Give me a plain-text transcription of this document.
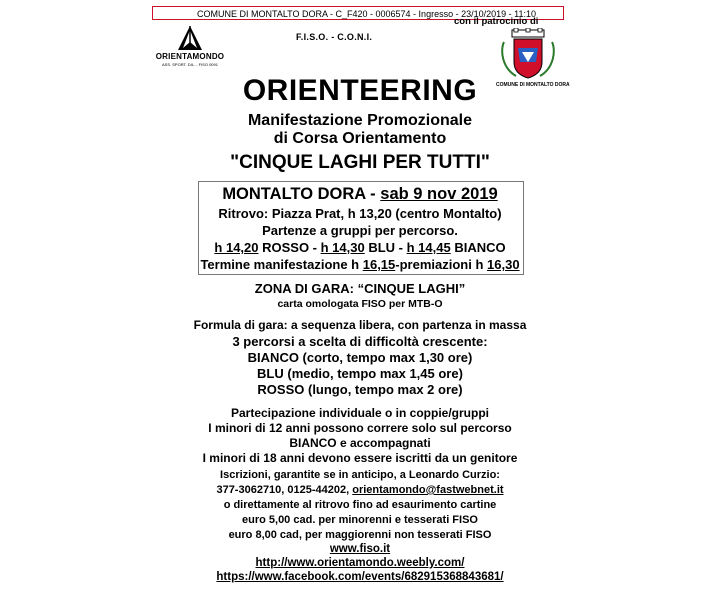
COMUNE DI MONTALTO DORA - C_F420 - 0006574 - Ingresso - 23/10/2019 - 11:10
ORIENTAMONDO
ASS. SPORT. DIL. - FISO 0091
F.I.S.O. - C.O.N.I.
con il patrocinio di
COMUNE DI MONTALTO DORA
ORIENTEERING
Manifestazione Promozionale
di Corsa Orientamento
"CINQUE LAGHI PER TUTTI"
MONTALTO DORA - sab 9 nov 2019
Ritrovo: Piazza Prat, h 13,20 (centro Montalto)
Partenze a gruppi per percorso.
h 14,20 ROSSO - h 14,30 BLU - h 14,45 BIANCO
Termine manifestazione h 16,15-premiazioni h 16,30
ZONA DI GARA: “CINQUE LAGHI”
carta omologata FISO per MTB-O
Formula di gara: a sequenza libera, con partenza in massa
3 percorsi a scelta di difficoltà crescente:
BIANCO (corto, tempo max 1,30 ore)
BLU (medio, tempo max 1,45 ore)
ROSSO (lungo, tempo max 2 ore)
Partecipazione individuale o in coppie/gruppi
I minori di 12 anni possono correre solo sul percorso
BIANCO e accompagnati
I minori di 18 anni devono essere iscritti da un genitore
Iscrizioni, garantite se in anticipo, a Leonardo Curzio:
377-3062710, 0125-44202, orientamondo@fastwebnet.it
o direttamente al ritrovo fino ad esaurimento cartine
euro 5,00 cad. per minorenni e tesserati FISO
euro 8,00 cad, per maggiorenni non tesserati FISO
www.fiso.it
http://www.orientamondo.weebly.com/
https://www.facebook.com/events/682915368843681/
